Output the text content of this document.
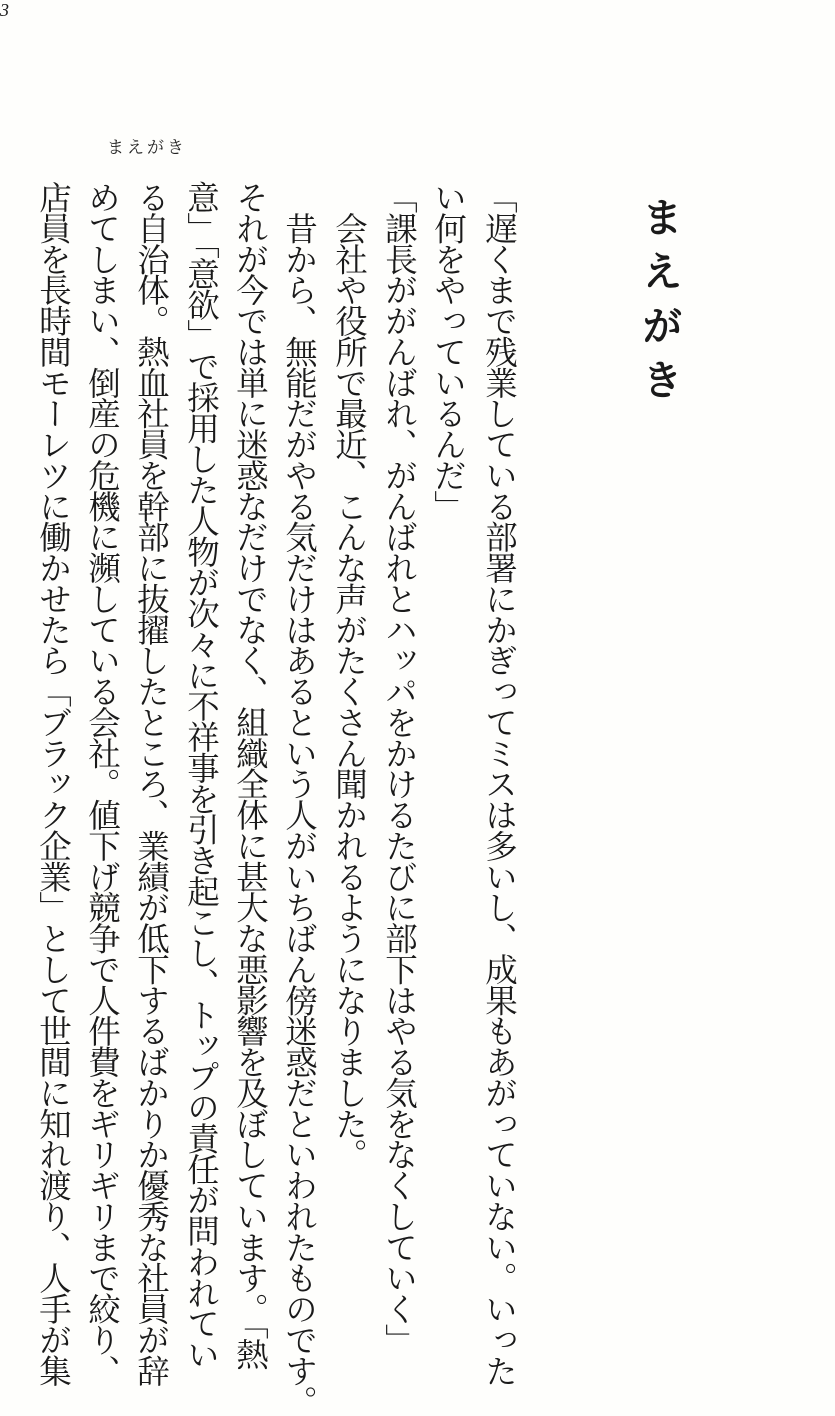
まえがき
まえがき
「遅くまで残業している部署にかぎってミスは多いし、成果もあがっていない。いった
い何をやっているんだ」
「課長ががんばれ、がんばれとハッパをかけるたびに部下はやる気をなくしていく」
　会社や役所で最近、こんな声がたくさん聞かれるようになりました。
　昔から、無能だがやる気だけはあるという人がいちばん傍迷惑だといわれたものです。
それが今では単に迷惑なだけでなく、組織全体に甚大な悪影響を及ぼしています。「熱
意」「意欲」で採用した人物が次々に不祥事を引き起こし、トップの責任が問われてい
る自治体。熱血社員を幹部に抜擢したところ、業績が低下するばかりか優秀な社員が辞
めてしまい、倒産の危機に瀕している会社。値下げ競争で人件費をギリギリまで絞り、
店員を長時間モーレツに働かせたら「ブラック企業」として世間に知れ渡り、人手が集
3
